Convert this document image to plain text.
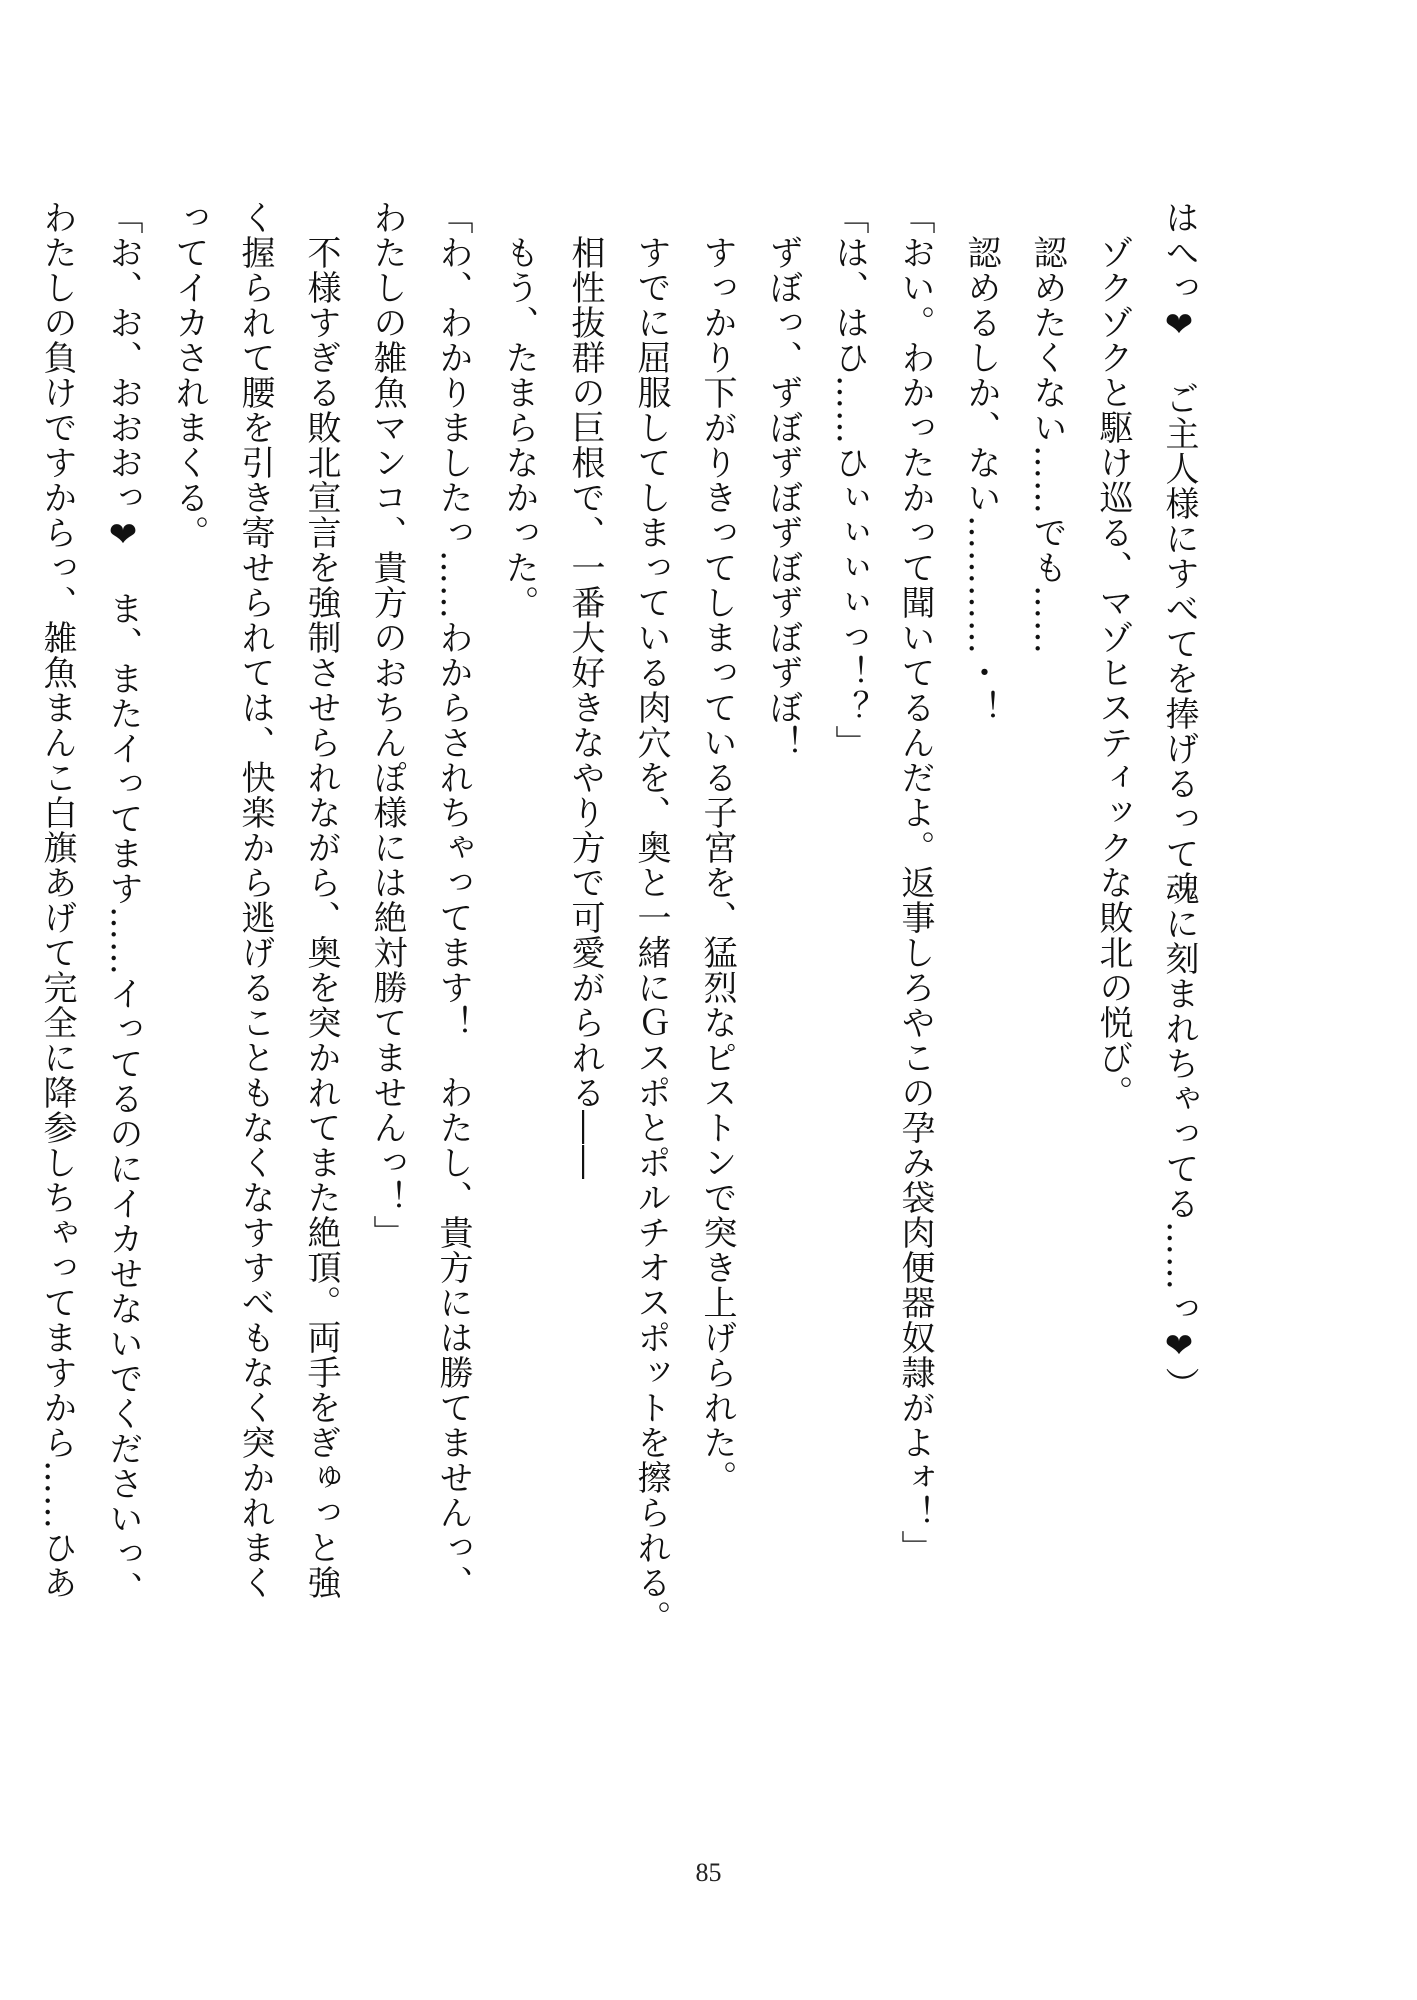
はへっ❤　ご主人様にすべてを捧げるって魂に刻まれちゃってる……っ❤）
　ゾクゾクと駆け巡る、マゾヒスティックな敗北の悦び。
　認めたくない……でも……
　認めるしか、ない…………・！
「おい。わかったかって聞いてるんだよ。返事しろやこの孕み袋肉便器奴隷がよォ！」
「は、はひ……ひぃぃぃぃっ！？」
　ずぼっ、ずぼずぼずぼずぼずぼ！
　すっかり下がりきってしまっている子宮を、猛烈なピストンで突き上げられた。
　すでに屈服してしまっている肉穴を、奥と一緒にＧスポとポルチオスポットを擦られる。
　相性抜群の巨根で、一番大好きなやり方で可愛がられる――
　もう、たまらなかった。
「わ、わかりましたっ……わからされちゃってます！　わたし、貴方には勝てませんっ、
わたしの雑魚マンコ、貴方のおちんぽ様には絶対勝てませんっ！」
　不様すぎる敗北宣言を強制させられながら、奥を突かれてまた絶頂。両手をぎゅっと強
く握られて腰を引き寄せられては、快楽から逃げることもなくなすすべもなく突かれまく
ってイカされまくる。
「お、お、おおおっ❤　ま、またイってます……イってるのにイカせないでくださいっ、
わたしの負けですからっ、雑魚まんこ白旗あげて完全に降参しちゃってますから……ひあ
85
